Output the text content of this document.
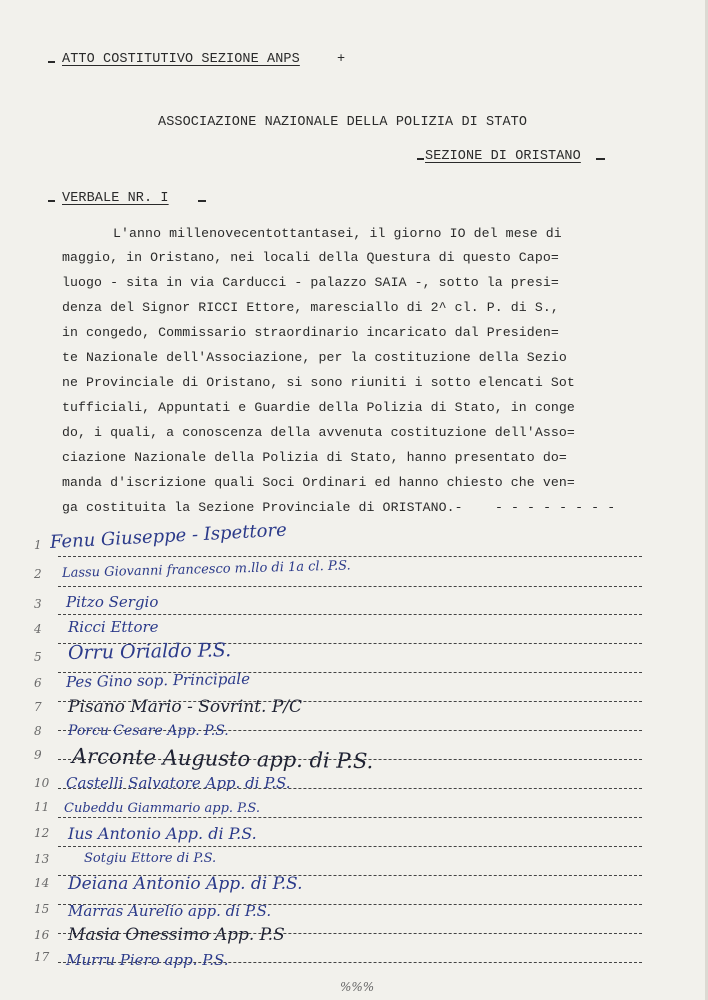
ATTO COSTITUTIVO SEZIONE ANPS	+
ASSOCIAZIONE NAZIONALE DELLA POLIZIA DI STATO
SEZIONE DI ORISTANO
VERBALE NR. I
L'anno millenovecentottantasei, il giorno IO del mese di
maggio, in Oristano, nei locali della Questura di questo Capo=
luogo - sita in via Carducci - palazzo SAIA -, sotto la presi=
denza del Signor RICCI Ettore, maresciallo di 2^ cl. P. di S.,
in congedo, Commissario straordinario incaricato dal Presiden=
te Nazionale dell'Associazione, per la costituzione della Sezio
ne Provinciale di Oristano, si sono riuniti i sotto elencati Sot
tufficiali, Appuntati e Guardie della Polizia di Stato, in conge
do, i quali, a conoscenza della avvenuta costituzione dell'Asso=
ciazione Nazionale della Polizia di Stato, hanno presentato do=
manda d'iscrizione quali Soci Ordinari ed hanno chiesto che ven=
ga costituita la Sezione Provinciale di ORISTANO.- - - - - - - - -
1
2
3
4
5
6
7
8
9
10
11
12
13
14
15
16
17
Fenu Giuseppe - Ispettore
Lassu Giovanni francesco m.llo di 1a cl. P.S.
Pitzo Sergio
Ricci Ettore
Orru Orialdo P.S.
Pes Gino sop. Principale
Pisano Mario - Sovrint. P/C
Porcu Cesare App. P.S.
Arconte Augusto app. di P.S.
Castelli Salvatore App. di P.S.
Cubeddu Giammario app. P.S.
Ius Antonio App. di P.S.
Sotgiu Ettore di P.S.
Deiana Antonio App. di P.S.
Marras Aurelio app. di P.S.
Masia Onessimo App. P.S
Murru Piero app. P.S.
%%%
